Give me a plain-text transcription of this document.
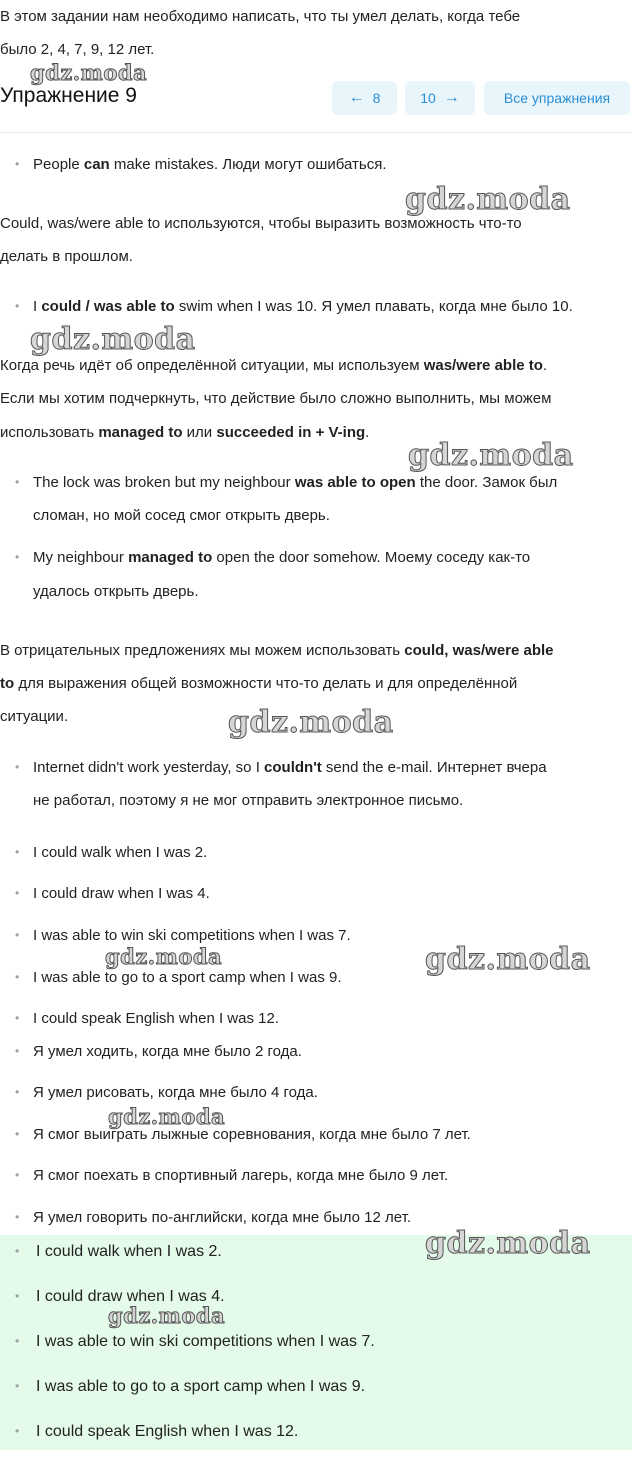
В этом задании нам необходимо написать, что ты умел делать, когда тебе
было 2, 4, 7, 9, 12 лет.
gdz.moda
Упражнение 9	← 8	10 →	Все упражнения
• People can make mistakes. Люди могут ошибаться.
gdz.moda
Could, was/were able to используются, чтобы выразить возможность что-то
делать в прошлом.
• I could / was able to swim when I was 10. Я умел плавать, когда мне было 10.
gdz.moda
Когда речь идёт об определённой ситуации, мы используем was/were able to.
Если мы хотим подчеркнуть, что действие было сложно выполнить, мы можем
использовать managed to или succeeded in + V-ing.
gdz.moda
• The lock was broken but my neighbour was able to open the door. Замок был
сломан, но мой сосед смог открыть дверь.
• My neighbour managed to open the door somehow. Моему соседу как-то
удалось открыть дверь.
В отрицательных предложениях мы можем использовать could, was/were able
to для выражения общей возможности что-то делать и для определённой
ситуации.	gdz.moda
• Internet didn't work yesterday, so I couldn't send the e-mail. Интернет вчера
не работал, поэтому я не мог отправить электронное письмо.
• I could walk when I was 2.
• I could draw when I was 4.
• I was able to win ski competitions when I was 7.
gdz.moda	gdz.moda
• I was able to go to a sport camp when I was 9.
• I could speak English when I was 12.
• Я умел ходить, когда мне было 2 года.
• Я умел рисовать, когда мне было 4 года.
gdz.moda
• Я смог выиграть лыжные соревнования, когда мне было 7 лет.
• Я смог поехать в спортивный лагерь, когда мне было 9 лет.
• Я умел говорить по-английски, когда мне было 12 лет.
•	I could walk when I was 2.	gdz.moda
•	I could draw when I was 4.
gdz.moda
•	I was able to win ski competitions when I was 7.
•	I was able to go to a sport camp when I was 9.
•	I could speak English when I was 12.
